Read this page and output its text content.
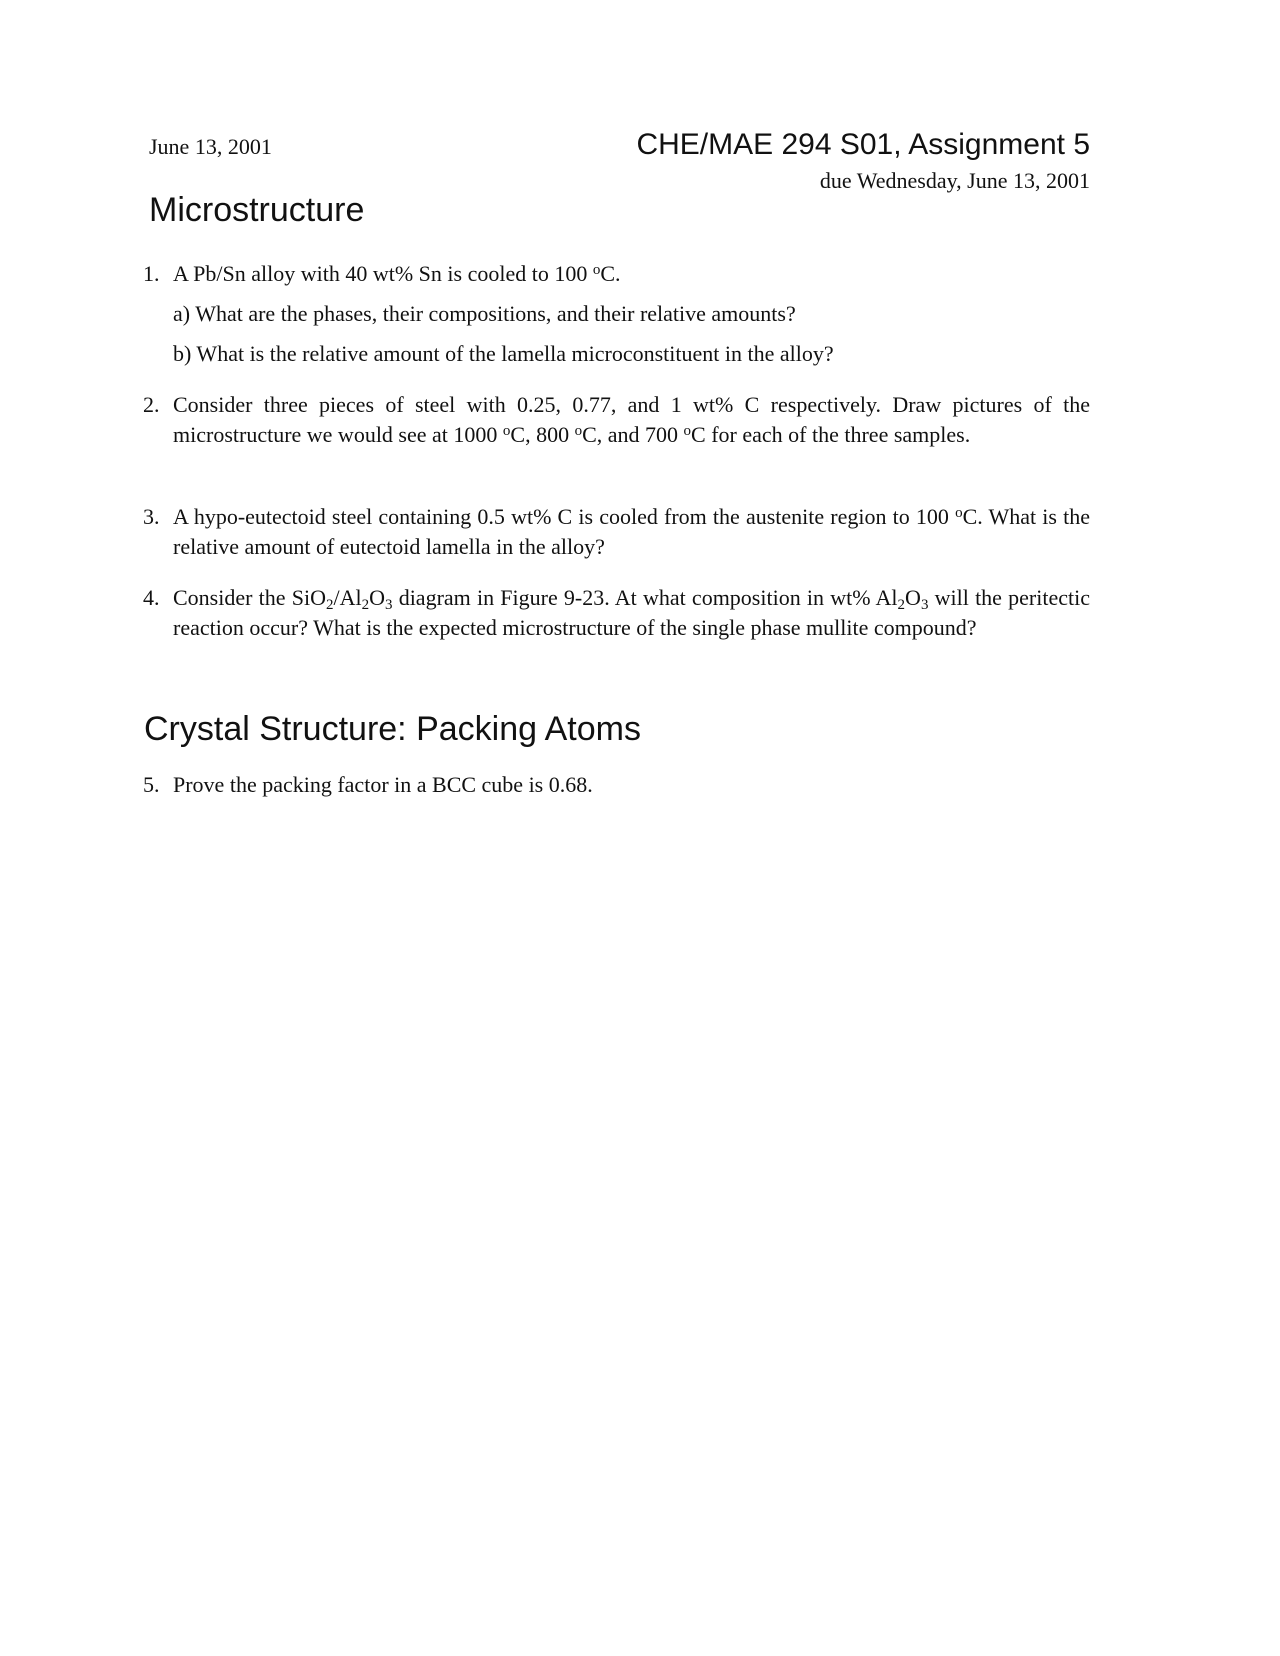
June 13, 2001	CHE/MAE 294 S01, Assignment 5
due Wednesday, June 13, 2001
Microstructure
1. A Pb/Sn alloy with 40 wt% Sn is cooled to 100 $^o$C.
a) What are the phases, their compositions, and their relative amounts?
b) What is the relative amount of the lamella microconstituent in the alloy?
2. Consider three pieces of steel with 0.25, 0.77, and 1 wt% C respectively. Draw pictures of the microstructure we would see at 1000 $^o$C, 800 $^o$C, and 700 $^o$C for each of the three samples.
3. A hypo-eutectoid steel containing 0.5 wt% C is cooled from the austenite region to 100 $^o$C. What is the relative amount of eutectoid lamella in the alloy?
4. Consider the $SiO_2/Al_2O_3$ diagram in Figure 9-23. At what composition in wt% $Al_2O_3$ will the peritectic reaction occur? What is the expected microstructure of the single phase mullite compound?
Crystal Structure: Packing Atoms
5. Prove the packing factor in a BCC cube is 0.68.
